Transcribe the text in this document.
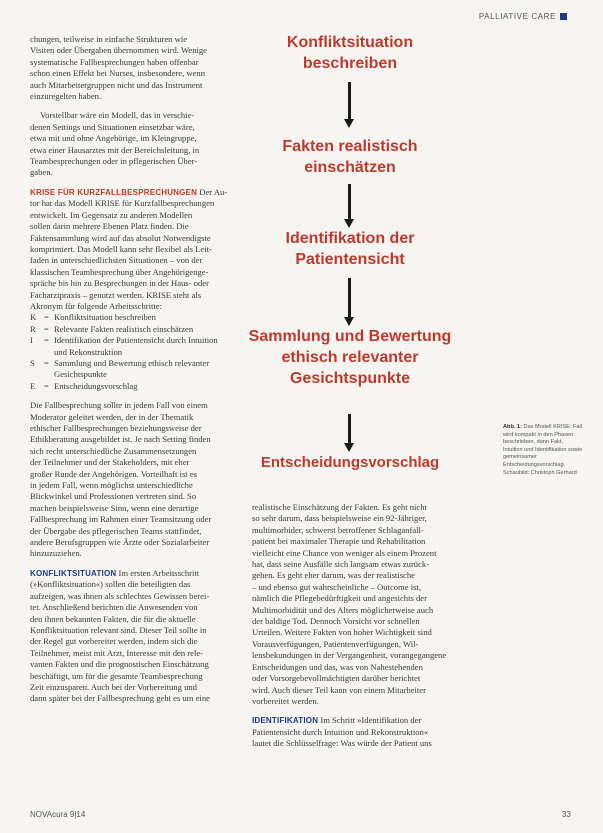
PALLIATIVE CARE
chungen, teilweise in einfache Strukturen wie
Visiten oder Übergaben übernommen wird. Wenige
systematische Fallbesprechungen haben offenbar
schon einen Effekt bei Nurses, insbesondere, wenn
auch Mitarbeitergruppen nicht und das Instrument
einzuregelten haben.
Vorstellbar wäre ein Modell, das in verschie-
denen Settings und Situationen einsetzbar wäre,
etwa mit und ohne Angehörige, im Kleingruppe,
etwa einer Hausarztes mit der Bereichsleitung, in
Teambesprechungen oder in pflegerischen Über-
gaben.
KRISE FÜR KURZFALLBESPRECHUNGEN Der Au-
tor hat das Modell KRISE für Kurzfallbesprechungen
entwickelt. Im Gegensatz zu anderen Modellen
sollen darin mehrere Ebenen Platz finden. Die
Faktensammlung wird auf das absolut Notwendigste
komprimiert. Das Modell kann sehr flexibel als Leit-
faden in unterschiedlichsten Situationen – von der
klassischen Teambesprechung über Angehörigenge-
spräche bis hin zu Besprechungen in der Haus- oder
Facharztpraxis – genutzt werden. KRISE steht als
Akronym für folgende Arbeitsschritte:
K = Konfliktsituation beschreiben
R = Relevante Fakten realistisch einschätzen
I	= Identifikation der Patientensicht durch Intuition
und Rekonstruktion
S	= Sammlung und Bewertung ethisch relevanter
Gesichtspunkte
E	= Entscheidungsvorschlag
Die Fallbesprechung sollte in jedem Fall von einem
Moderator geleitet werden, der in der Thematik
ethischer Fallbesprechungen beziehungsweise der
Ethikberatung ausgebildet ist. Je nach Setting finden
sich recht unterschiedliche Zusammensetzungen
der Teilnehmer und der Stakeholders, mit eher
großer Runde der Angehörigen. Vorteilhaft ist es
in jedem Fall, wenn möglichst unterschiedliche
Blickwinkel und Professionen vertreten sind. So
machen beispielsweise Sinn, wenn eine derartige
Fallbesprechung im Rahmen einer Teamsitzung oder
der Übergabe des pflegerischen Teams stattfindet,
andere Berufsgruppen wie Ärzte oder Sozialarbeiter
hinzuzuziehen.
KONFLIKTSITUATION Im ersten Arbeitsschritt
(»Konfliktsituation«) sollen die beteiligten das
aufzeigen, was ihnen als schlechtes Gewissen berei-
tet. Anschließend berichten die Anwesenden von
den ihnen bekannten Fakten, die für die aktuelle
Konfliktsituation relevant sind. Dieser Teil sollte in
der Regel gut vorbereitet werden, indem sich die
Teilnehmer, meist mit Arzt, Interesse mit den rele-
vanten Fakten und die prognostischen Einschätzung
beschäftigt, um für die gesamte Teambesprechung
Zeit einzusparen. Auch bei der Vorbereitung und
dann später bei der Fallbesprechung geht es um eine
Konfliktsituation beschreiben
Fakten realistisch einschätzen
Identifikation der Patientensicht
Sammlung und Bewertung ethisch relevanter Gesichtspunkte
Entscheidungsvorschlag
Abb. 1: Das Modell KRISE: Fall wird kompakt in den Phasen beschrieben, dann Fakt, Intuition und Identifikation sowie gemeinsamer Entscheidungsvorschlag. Schaubild: Christoph Gerhard
realistische Einschätzung der Fakten. Es geht nicht
so sehr darum, dass beispielsweise ein 92-Jähriger,
multimorbider, schwerst betroffener Schlaganfall-
patient bei maximaler Therapie und Rehabilitation
vielleicht eine Chance von weniger als einem Prozent
hat, dass seine Ausfälle sich langsam etwas zurück-
gehen. Es geht eher darum, was der realistische
– und ebenso gut wahrscheinliche – Outcome ist,
nämlich die Pflegebedürftigkeit und angesichts der
Multimorbidität und des Alters möglicherweise auch
der baldige Tod. Dennoch Vorsicht vor schnellen
Urteilen. Weitere Fakten von hoher Wichtigkeit sind
Vorausverfügungen, Patientenverfügungen, Wil-
lensbekundungen in der Vergangenheit, vorangegangene
Entscheidungen und das, was von Nahestehenden
oder Vorsorgebevollmächtigten darüber berichtet
wird. Auch dieser Teil kann von einem Mitarbeiter
vorbereitet werden.
IDENTIFIKATION Im Schritt »Identifikation der
Patientensicht durch Intuition und Rekonstruktion«
lautet die Schlüsselfrage: Was würde der Patient uns
NOVAcura 9|14	33
